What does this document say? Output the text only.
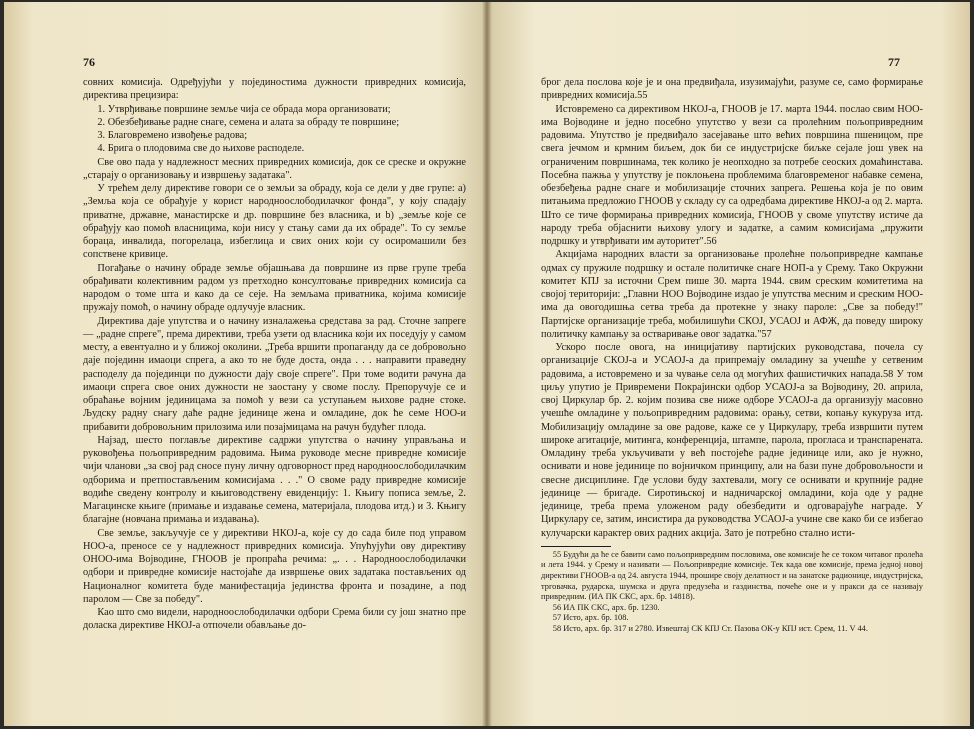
76

совних комисија. Одређујући у појединостима дужности привредних комисија, директива прецизира:

1. Утврђивање површине земље чија се обрада мора организовати;

2. Обезбеђивање радне снаге, семена и алата за обраду те површине;

3. Благовремено извођење радова;

4. Брига о плодовима све до њихове расподеле.

Све ово пада у надлежност месних привредних комисија, док се среске и окружне „старају о организовању и извршењу задатака".

У трећем делу директиве говори се о земљи за обраду, која се дели у две групе: а) „Земља која се обрађује у корист народноослободилачког фонда", у коју спадају приватне, државне, манастирске и др. површине без власника, и b) „земље које се обрађују као помоћ власницима, који нису у стању сами да их обраде". То су земље бораца, инвалида, погорелаца, избеглица и свих оних који су осиромашили без сопствене кривице.

Погађање о начину обраде земље објашњава да површине из прве групе треба обрађивати колективним радом уз претходно консултовање привредних комисија са народом о томе шта и како да се сеје. На земљама приватника, којима комисије пружају помоћ, о начину обраде одлучује власник.

Директива даје упутства и о начину изналажења средстава за рад. Сточне запреге — „радне спреге", према директиви, треба узети од власника који их поседују у самом месту, а евентуално и у ближој околини. „Треба вршити пропаганду да се добровољно даје појединн имаоци спрега, а ако то не буде доста, онда . . . направити праведну расподелу да појединци по дужности дају своје спреге". При томе водити рачуна да имаоци спрега свое оних дужности не заостану у своме послу. Препоручује се и обраћање војним јединицама за помоћ у вези са уступањем њихове радне стоке. Људску радну снагу даће радне јединице жена и омладине, док ће семе НОО-и прибавити добровољним прилозима или позајмицама на рачун будућег плода.

Најзад, шесто поглавље директиве садржи упутства о начину управљања и руковођења пољопривредним радовима. Њима руководе месне привредне комисије чији чланови „за свој рад сносе пуну личну одговорност пред народноослободилачким одборима и претпостављеним комисијама . . ." О своме раду привредне комисије водиће сведену контролу и књиговодствену евиденцију: 1. Књигу пописа земље, 2. Магацинске књиге (примање и издавање семена, материјала, плодова итд.) и 3. Књигу благајне (новчана примања и издавања).

Све земље, закључује се у директиви НКОЈ-а, које су до сада биле под управом НОО-а, преносе се у надлежност привредних комисија. Упућујући ову директиву ОНОО-има Војводине, ГНООВ је пропраћа речима: „. . . Народноослободилачки одбори и привредне комисије настојаће да извршење ових задатака постављених од Националног комитета буде манифестација јединства фронта и позадине, а под паролом — Све за победу".

Као што смо видели, народноослободилачки одбори Срема били су још знатно пре доласка директиве НКОЈ-а отпочели обављање до-

77

брог дела послова које је и она предвиђала, изузимајући, разуме се, само формирање привредних комисија.55

Истовремено са директивом НКОЈ-а, ГНООВ је 17. марта 1944. послао свим НОО-има Војводине и једно посебно упутство у вези са пролећним пољопривредним радовима. Упутство је предвиђало засејавање што већих површина пшеницом, пре свега јечмом и крмним биљем, док би се индустријске биљке сејале још увек на ограниченим површинама, тек колико је неопходно за потребе сеоских домаћинстава. Посебна пажња у упутству је поклоњена проблемима благовременог набавке семена, обезбеђења радне снаге и мобилизације сточних запрега. Решења која је по овим питањима предложио ГНООВ у складу су са одредбама директиве НКОЈ-а од 2. марта. Што се тиче формирања привредних комисија, ГНООВ у своме упутству истиче да народу треба објаснити њихову улогу и задатке, а самим комисијама „пружити подршку и утврђивати им ауторитет".56

Акцијама народних власти за организовање пролећне пољопривредне кампање одмах су пружиле подршку и остале политичке снаге НОП-а у Срему. Тако Окружни комитет КПЈ за источни Срем пише 30. марта 1944. свим среским комитетима на својој територији: „Главни НОО Војводине издао је упутства месним и среским НОО-има да овогодишња сетва треба да протекне у знаку пароле: „Све за победу!" Партијске организације треба, мобилишући СКОЈ, УСАОЈ и АФЖ, да поведу широку политичку кампању за остваривање овог задатка."57

Ускоро после овога, на иницијативу партијских руководстава, почела су организације СКОЈ-а и УСАОЈ-а да припремају омладину за учешће у сетвеним радовима, а истовремено и за чување села од могућих фашистичких напада.58 У том циљу упутио је Привремени Покрајински одбор УСАОЈ-а за Војводину, 20. априла, свој Циркулар бр. 2. којим позива све ниже одборе УСАОЈ-а да организују масовно учешће омладине у пољопривредним радовима: орању, сетви, копању кукуруза итд. Мобилизацију омладине за ове радове, каже се у Циркулару, треба извршити путем широке агитације, митинга, конференција, штампе, парола, прогласа и транспарената. Омладину треба укључивати у већ постојеће радне јединице или, ако је нужно, оснивати и нове јединице по војничком принципу, али на бази пуне добровољности и свесне дисциплине. Где услови буду захтевали, могу се оснивати и крупније радне јединице — бригаде. Сиротињској и надничарској омладини, која оде у радне јединице, треба према уложеном раду обезбедити и одговарајуће награде. У Циркулару се, затим, инсистира да руководства УСАОЈ-а учине све како би се избегао кулучарски карактер ових радних акција. Зато је потребно стално исти-

55 Будући да ће се бавити само пољопривредним пословима, ове комисије ће се током читавог пролећа и лета 1944. у Срему и називати — Пољопривредне комисије. Тек када ове комисије, према једној новој директиви ГНООВ-а од 24. августа 1944, прошире своју делатност и на занатске радионице, индустријска, трговачка, рударска, шумска и друга предузећа и газдинства, почеће оне и у пракси да се називају привредним. (ИА ПК СКС, арх. бр. 14818).

56 ИА ПК СКС, арх. бр. 1230.

57 Исто, арх. бр. 108.

58 Исто, арх. бр. 317 и 2780. Извештај СК КПЈ Ст. Пазова ОК-у КПЈ ист. Срем, 11. V 44.
